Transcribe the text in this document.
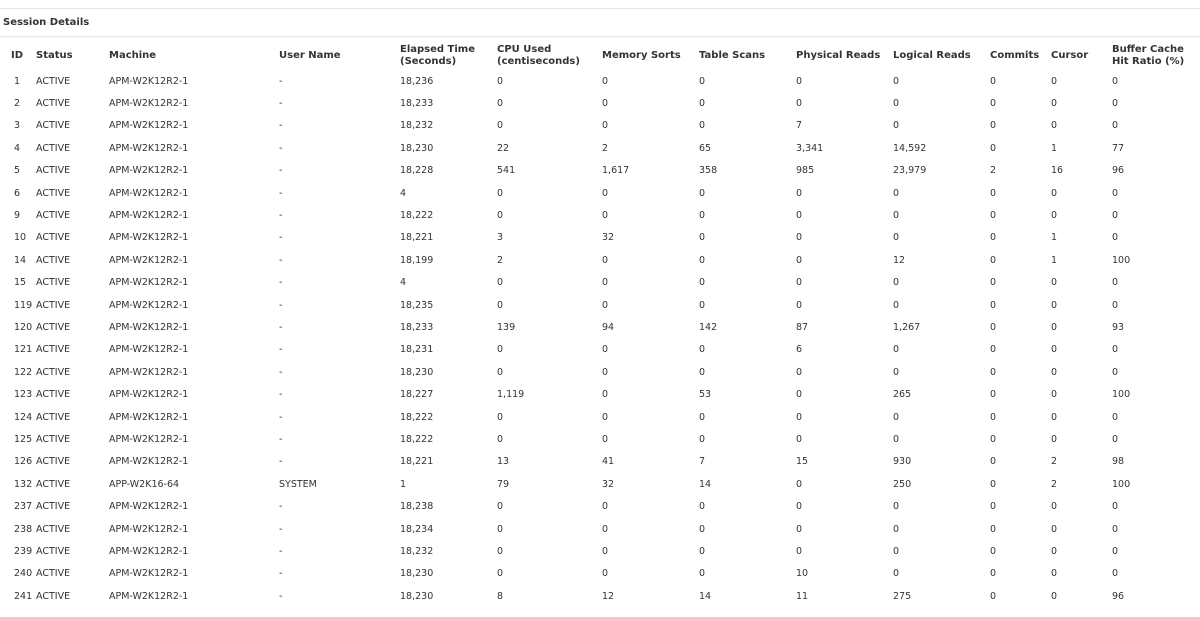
Session Details
ID	Status	Machine	User Name	Elapsed Time (Seconds)	CPU Used (centiseconds)	Memory Sorts	Table Scans	Physical Reads	Logical Reads	Commits	Cursor	Buffer Cache Hit Ratio (%)
1	ACTIVE	APM-W2K12R2-1	-	18,236	0	0	0	0	0	0	0	0
2	ACTIVE	APM-W2K12R2-1	-	18,233	0	0	0	0	0	0	0	0
3	ACTIVE	APM-W2K12R2-1	-	18,232	0	0	0	7	0	0	0	0
4	ACTIVE	APM-W2K12R2-1	-	18,230	22	2	65	3,341	14,592	0	1	77
5	ACTIVE	APM-W2K12R2-1	-	18,228	541	1,617	358	985	23,979	2	16	96
6	ACTIVE	APM-W2K12R2-1	-	4	0	0	0	0	0	0	0	0
9	ACTIVE	APM-W2K12R2-1	-	18,222	0	0	0	0	0	0	0	0
10	ACTIVE	APM-W2K12R2-1	-	18,221	3	32	0	0	0	0	1	0
14	ACTIVE	APM-W2K12R2-1	-	18,199	2	0	0	0	12	0	1	100
15	ACTIVE	APM-W2K12R2-1	-	4	0	0	0	0	0	0	0	0
119	ACTIVE	APM-W2K12R2-1	-	18,235	0	0	0	0	0	0	0	0
120	ACTIVE	APM-W2K12R2-1	-	18,233	139	94	142	87	1,267	0	0	93
121	ACTIVE	APM-W2K12R2-1	-	18,231	0	0	0	6	0	0	0	0
122	ACTIVE	APM-W2K12R2-1	-	18,230	0	0	0	0	0	0	0	0
123	ACTIVE	APM-W2K12R2-1	-	18,227	1,119	0	53	0	265	0	0	100
124	ACTIVE	APM-W2K12R2-1	-	18,222	0	0	0	0	0	0	0	0
125	ACTIVE	APM-W2K12R2-1	-	18,222	0	0	0	0	0	0	0	0
126	ACTIVE	APM-W2K12R2-1	-	18,221	13	41	7	15	930	0	2	98
132	ACTIVE	APP-W2K16-64	SYSTEM	1	79	32	14	0	250	0	2	100
237	ACTIVE	APM-W2K12R2-1	-	18,238	0	0	0	0	0	0	0	0
238	ACTIVE	APM-W2K12R2-1	-	18,234	0	0	0	0	0	0	0	0
239	ACTIVE	APM-W2K12R2-1	-	18,232	0	0	0	0	0	0	0	0
240	ACTIVE	APM-W2K12R2-1	-	18,230	0	0	0	10	0	0	0	0
241	ACTIVE	APM-W2K12R2-1	-	18,230	8	12	14	11	275	0	0	96
